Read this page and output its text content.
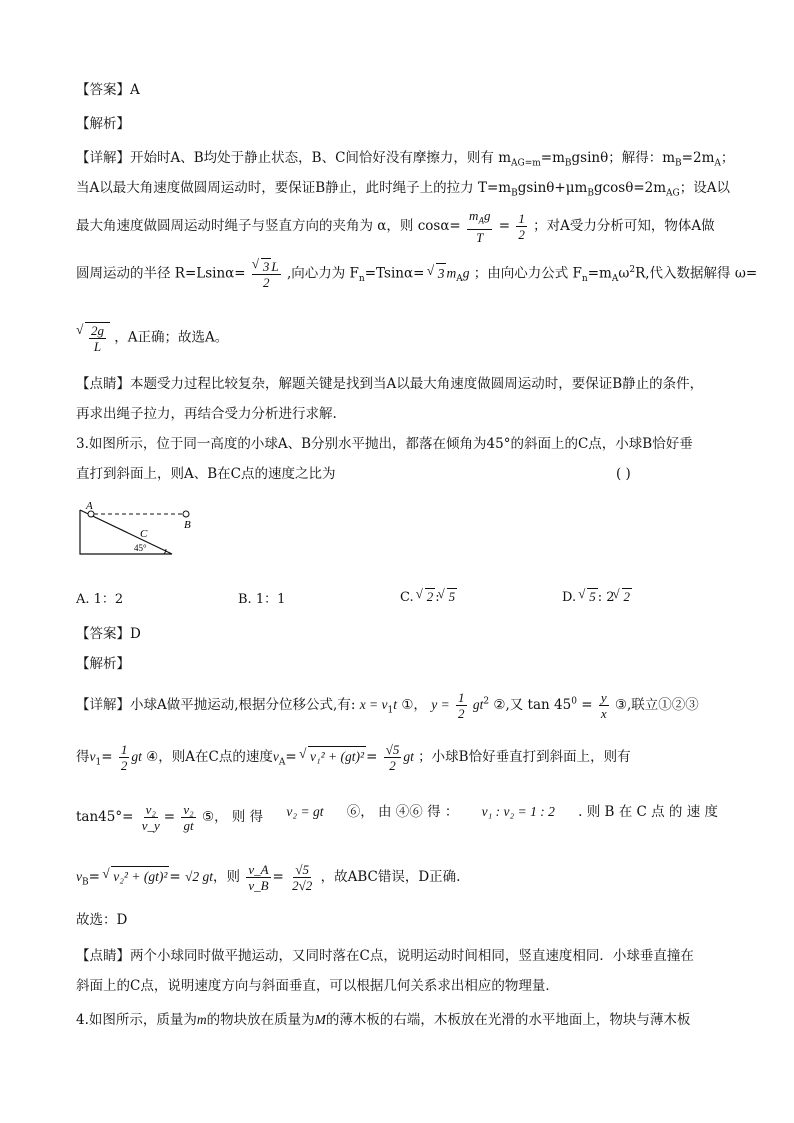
【答案】A
【解析】
【详解】开始时A、B均处于静止状态，B、C间恰好没有摩擦力，则有 $m_{AG=m}=m_Bgsin\theta$；解得：$m_B=2m_A$；
当A以最大角速度做圆周运动时，要保证B静止，此时绳子上的拉力 $T=m_Bgsin\theta+\mu m_Bgcos\theta=2m_{AG}$；设A以
最大角速度做圆周运动时绳子与竖直方向的夹角为 α，则 $\cos\alpha= \frac{m_Ag}{T} = \frac{1}{2}$ ；对A受力分析可知，物体A做
圆周运动的半径 R=Lsinα= √ $\frac{3 L}{2}$ ,向心力为 $F_n=Tsin\alpha=$ √ 3 $m_Ag$ ；由向心力公式 $F_n=m_A\omega^2R$,代入数据解得 ω=
√ $\frac{2g}{L}$ ，A正确；故选A。
【点睛】本题受力过程比较复杂，解题关键是找到当A以最大角速度做圆周运动时，要保证B静止的条件，
再求出绳子拉力，再结合受力分析进行求解.
3.如图所示，位于同一高度的小球A、B分别水平抛出，都落在倾角为45°的斜面上的C点，小球B恰好垂
直打到斜面上，则A、B在C点的速度之比为	( )
A
B
C
45°
A. 1：2	B. 1：1	C. √ 2 : √ 5	D. √ 5 : 2 √ 2
【答案】D
【解析】
【详解】小球A做平抛运动,根据分位移公式,有: $x = v_1t$ ①， $y = \frac{1}{2} gt^2$ ②,又 $\tan 45^0 = \frac{y}{x}$ ③,联立①②③
得$v_1= \frac{1}{2}$ gt ④，则A在C点的速度$v_A=$ √ $v_1^2 + (gt)^2 = \frac{√5}{2}$ gt ；小球B恰好垂直打到斜面上，则有
$\tan 45^\circ= \frac{\text{v₂}}{v\_y} = \frac{\text{v₂}}{gt}$ ⑤， 则 得 v₂ = gt ⑥， 由 ④⑥ 得 ： v₁ : v₂ = 1 : 2 . 则 B 在 C 点 的 速 度
$v_B=$ √ v₂² + (gt)² = √2 gt，则 $\frac{v\_A}{v\_B} = \frac{√5}{2√2}$ ，故ABC错误，D正确.
故选：D
【点睛】两个小球同时做平抛运动，又同时落在C点，说明运动时间相同，竖直速度相同．小球垂直撞在
斜面上的C点，说明速度方向与斜面垂直，可以根据几何关系求出相应的物理量．
4.如图所示，质量为m的物块放在质量为M的薄木板的右端，木板放在光滑的水平地面上，物块与薄木板
